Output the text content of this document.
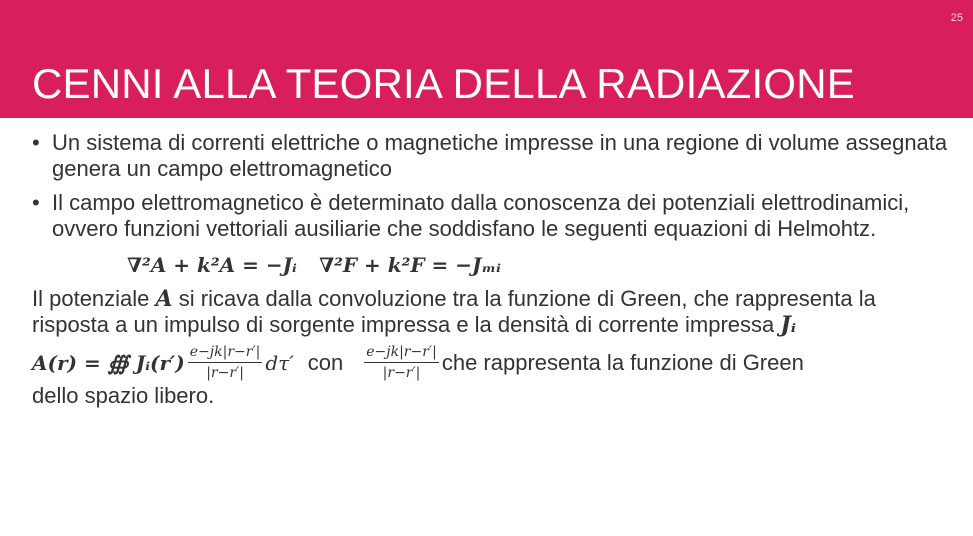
25
CENNI ALLA TEORIA DELLA RADIAZIONE
• Un sistema di correnti elettriche o magnetiche impresse in una regione di volume assegnata genera un campo elettromagnetico
• Il campo elettromagnetico è determinato dalla conoscenza dei potenziali elettrodinamici, ovvero funzioni vettoriali ausiliarie che soddisfano le seguenti equazioni di Helmohtz.
∇²A + k²A = −Jᵢ ∇²F + k²F = −Jₘᵢ
Il potenziale A si ricava dalla convoluzione tra la funzione di Green, che rappresenta la risposta a un impulso di sorgente impressa e la densità di corrente impressa Jᵢ
A(r) = ∰ Jᵢ(r′) $\frac{e-jk|r-r'|}{|r-r'|} d\tau'$ con $\frac{e-jk|r-r'|}{|r-r'|}$ che rappresenta la funzione di Green
dello spazio libero.
